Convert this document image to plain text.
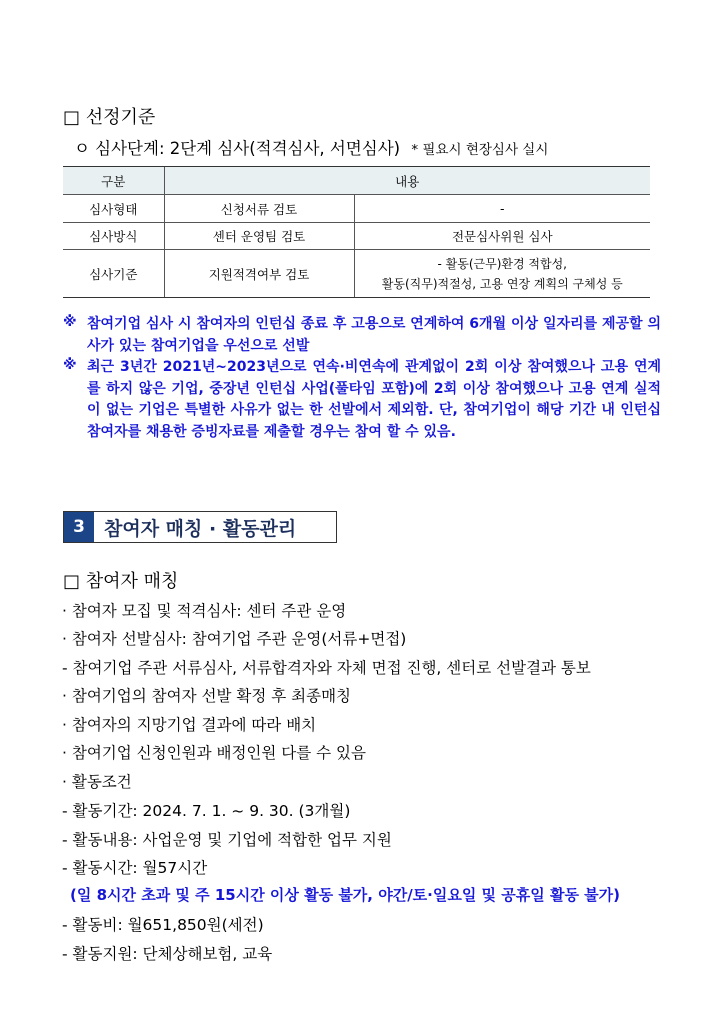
□ 선정기준
ㅇ 심사단계: 2단계 심사(적격심사, 서면심사) * 필요시 현장심사 실시
구분	내용	
심사형태	신청서류 검토	-
심사방식	센터 운영팀 검토	전문심사위원 심사
심사기준	지원적격여부 검토	- 활동(근무)환경 적합성,
활동(직무)적절성, 고용 연장 계획의 구체성 등
※ 참여기업 심사 시 참여자의 인턴십 종료 후 고용으로 연계하여 6개월 이상 일자리를 제공할 의사가 있는 참여기업을 우선으로 선발
※ 최근 3년간 2021년~2023년으로 연속·비연속에 관계없이 2회 이상 참여했으나 고용 연계를 하지 않은 기업, 중장년 인턴십 사업(풀타임 포함)에 2회 이상 참여했으나 고용 연계 실적이 없는 기업은 특별한 사유가 없는 한 선발에서 제외함. 단, 참여기업이 해당 기간 내 인턴십 참여자를 채용한 증빙자료를 제출할 경우는 참여 할 수 있음.
3	참여자 매칭 · 활동관리
□ 참여자 매칭
· 참여자 모집 및 적격심사: 센터 주관 운영
· 참여자 선발심사: 참여기업 주관 운영(서류+면접)
- 참여기업 주관 서류심사, 서류합격자와 자체 면접 진행, 센터로 선발결과 통보
· 참여기업의 참여자 선발 확정 후 최종매칭
· 참여자의 지망기업 결과에 따라 배치
· 참여기업 신청인원과 배정인원 다를 수 있음
· 활동조건
- 활동기간: 2024. 7. 1. ~ 9. 30. (3개월)
- 활동내용: 사업운영 및 기업에 적합한 업무 지원
- 활동시간: 월57시간
(일 8시간 초과 및 주 15시간 이상 활동 불가, 야간/토·일요일 및 공휴일 활동 불가)
- 활동비: 월651,850원(세전)
- 활동지원: 단체상해보험, 교육
